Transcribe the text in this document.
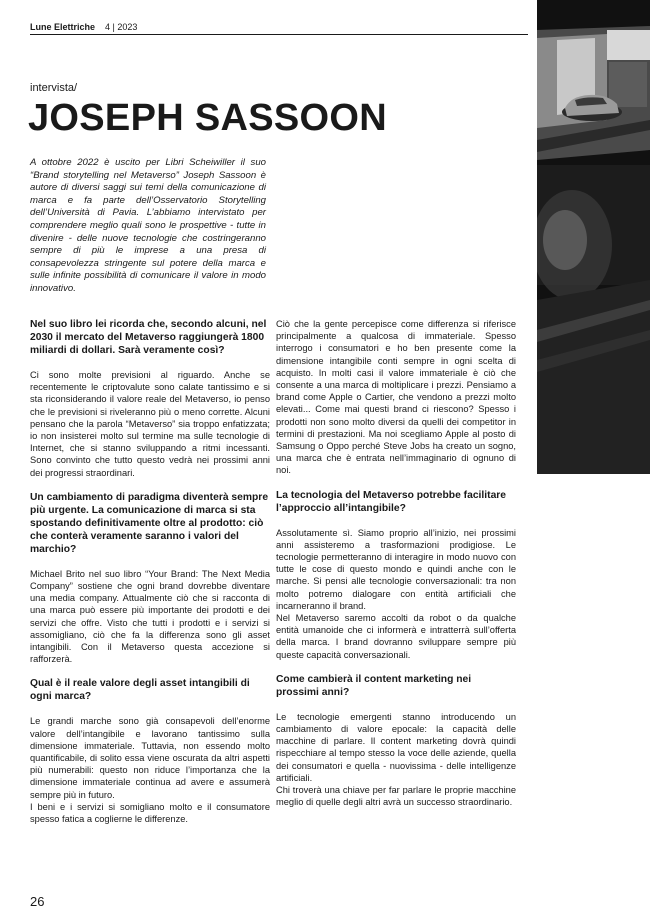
Lune Elettriche 4 | 2023
intervista/
JOSEPH SASSOON
A ottobre 2022 è uscito per Libri Scheiwiller il suo “Brand storytelling nel Metaverso” Joseph Sassoon è autore di diversi saggi sui temi della comunicazione di marca e fa parte dell’Osservatorio Storytelling dell’Università di Pavia. L’abbiamo intervistato per comprendere meglio quali sono le prospettive - tutte in divenire - delle nuove tecnologie che costringeranno sempre di più le imprese a una presa di consapevolezza stringente sul potere della marca e sulle infinite possibilità di comunicare il valore in modo innovativo.

Nel suo libro lei ricorda che, secondo alcuni, nel 2030 il mercato del Metaverso raggiungerà 1800 miliardi di dollari. Sarà veramente così?

Ci sono molte previsioni al riguardo. Anche se recentemente le criptovalute sono calate tantissimo e si sta riconsiderando il valore reale del Metaverso, io penso che le previsioni si riveleranno più o meno corrette. Alcuni pensano che la parola “Metaverso” sia troppo enfatizzata; io non insisterei molto sul termine ma sulle tecnologie di Internet, che si stanno sviluppando a ritmi incessanti. Sono convinto che tutto questo vedrà nei prossimi anni dei progressi straordinari.

Un cambiamento di paradigma diventerà sempre più urgente. La comunicazione di marca si sta spostando definitivamente oltre al prodotto: ciò che conterà veramente saranno i valori del marchio?

Michael Brito nel suo libro “Your Brand: The Next Media Company” sostiene che ogni brand dovrebbe diventare una media company. Attualmente ciò che si racconta di una marca può essere più importante dei prodotti e dei servizi che offre. Visto che tutti i prodotti e i servizi si assomigliano, ciò che fa la differenza sono gli asset intangibili. Con il Metaverso questa accezione si rafforzerà.

Qual è il reale valore degli asset intangibili di ogni marca?

Le grandi marche sono già consapevoli dell’enorme valore dell’intangibile e lavorano tantissimo sulla dimensione immateriale. Tuttavia, non essendo molto quantificabile, di solito essa viene oscurata da altri aspetti più numerabili: questo non riduce l’importanza che la dimensione immateriale continua ad avere e assumerà sempre più in futuro.

I beni e i servizi si somigliano molto e il consumatore spesso fatica a coglierne le differenze.

Ciò che la gente percepisce come differenza si riferisce principalmente a qualcosa di immateriale. Spesso interrogo i consumatori e ho ben presente come la dimensione intangibile conti sempre in ogni scelta di acquisto. In molti casi il valore immateriale è ciò che consente a una marca di moltiplicare i prezzi. Pensiamo a brand come Apple o Cartier, che vendono a prezzi molto elevati... Come mai questi brand ci riescono? Spesso i prodotti non sono molto diversi da quelli dei competitor in termini di prestazioni. Ma noi scegliamo Apple al posto di Samsung o Oppo perché Steve Jobs ha creato un sogno, una marca che è entrata nell’immaginario di ognuno di noi.

La tecnologia del Metaverso potrebbe facilitare l’approccio all’intangibile?

Assolutamente sì. Siamo proprio all’inizio, nei prossimi anni assisteremo a trasformazioni prodigiose. Le tecnologie permetteranno di interagire in modo nuovo con tutte le cose di questo mondo e quindi anche con le marche. Si pensi alle tecnologie conversazionali: tra non molto potremo dialogare con entità artificiali che incarneranno il brand.

Nel Metaverso saremo accolti da robot o da qualche entità umanoide che ci informerà e intratterrà sull’offerta della marca. I brand dovranno sviluppare sempre più queste capacità conversazionali.

Come cambierà il content marketing nei prossimi anni?

Le tecnologie emergenti stanno introducendo un cambiamento di valore epocale: la capacità delle macchine di parlare. Il content marketing dovrà quindi rispecchiare al tempo stesso la voce delle aziende, quella dei consumatori e quella - nuovissima - delle intelligenze artificiali.

Chi troverà una chiave per far parlare le proprie macchine meglio di quelle degli altri avrà un successo straordinario.

26
